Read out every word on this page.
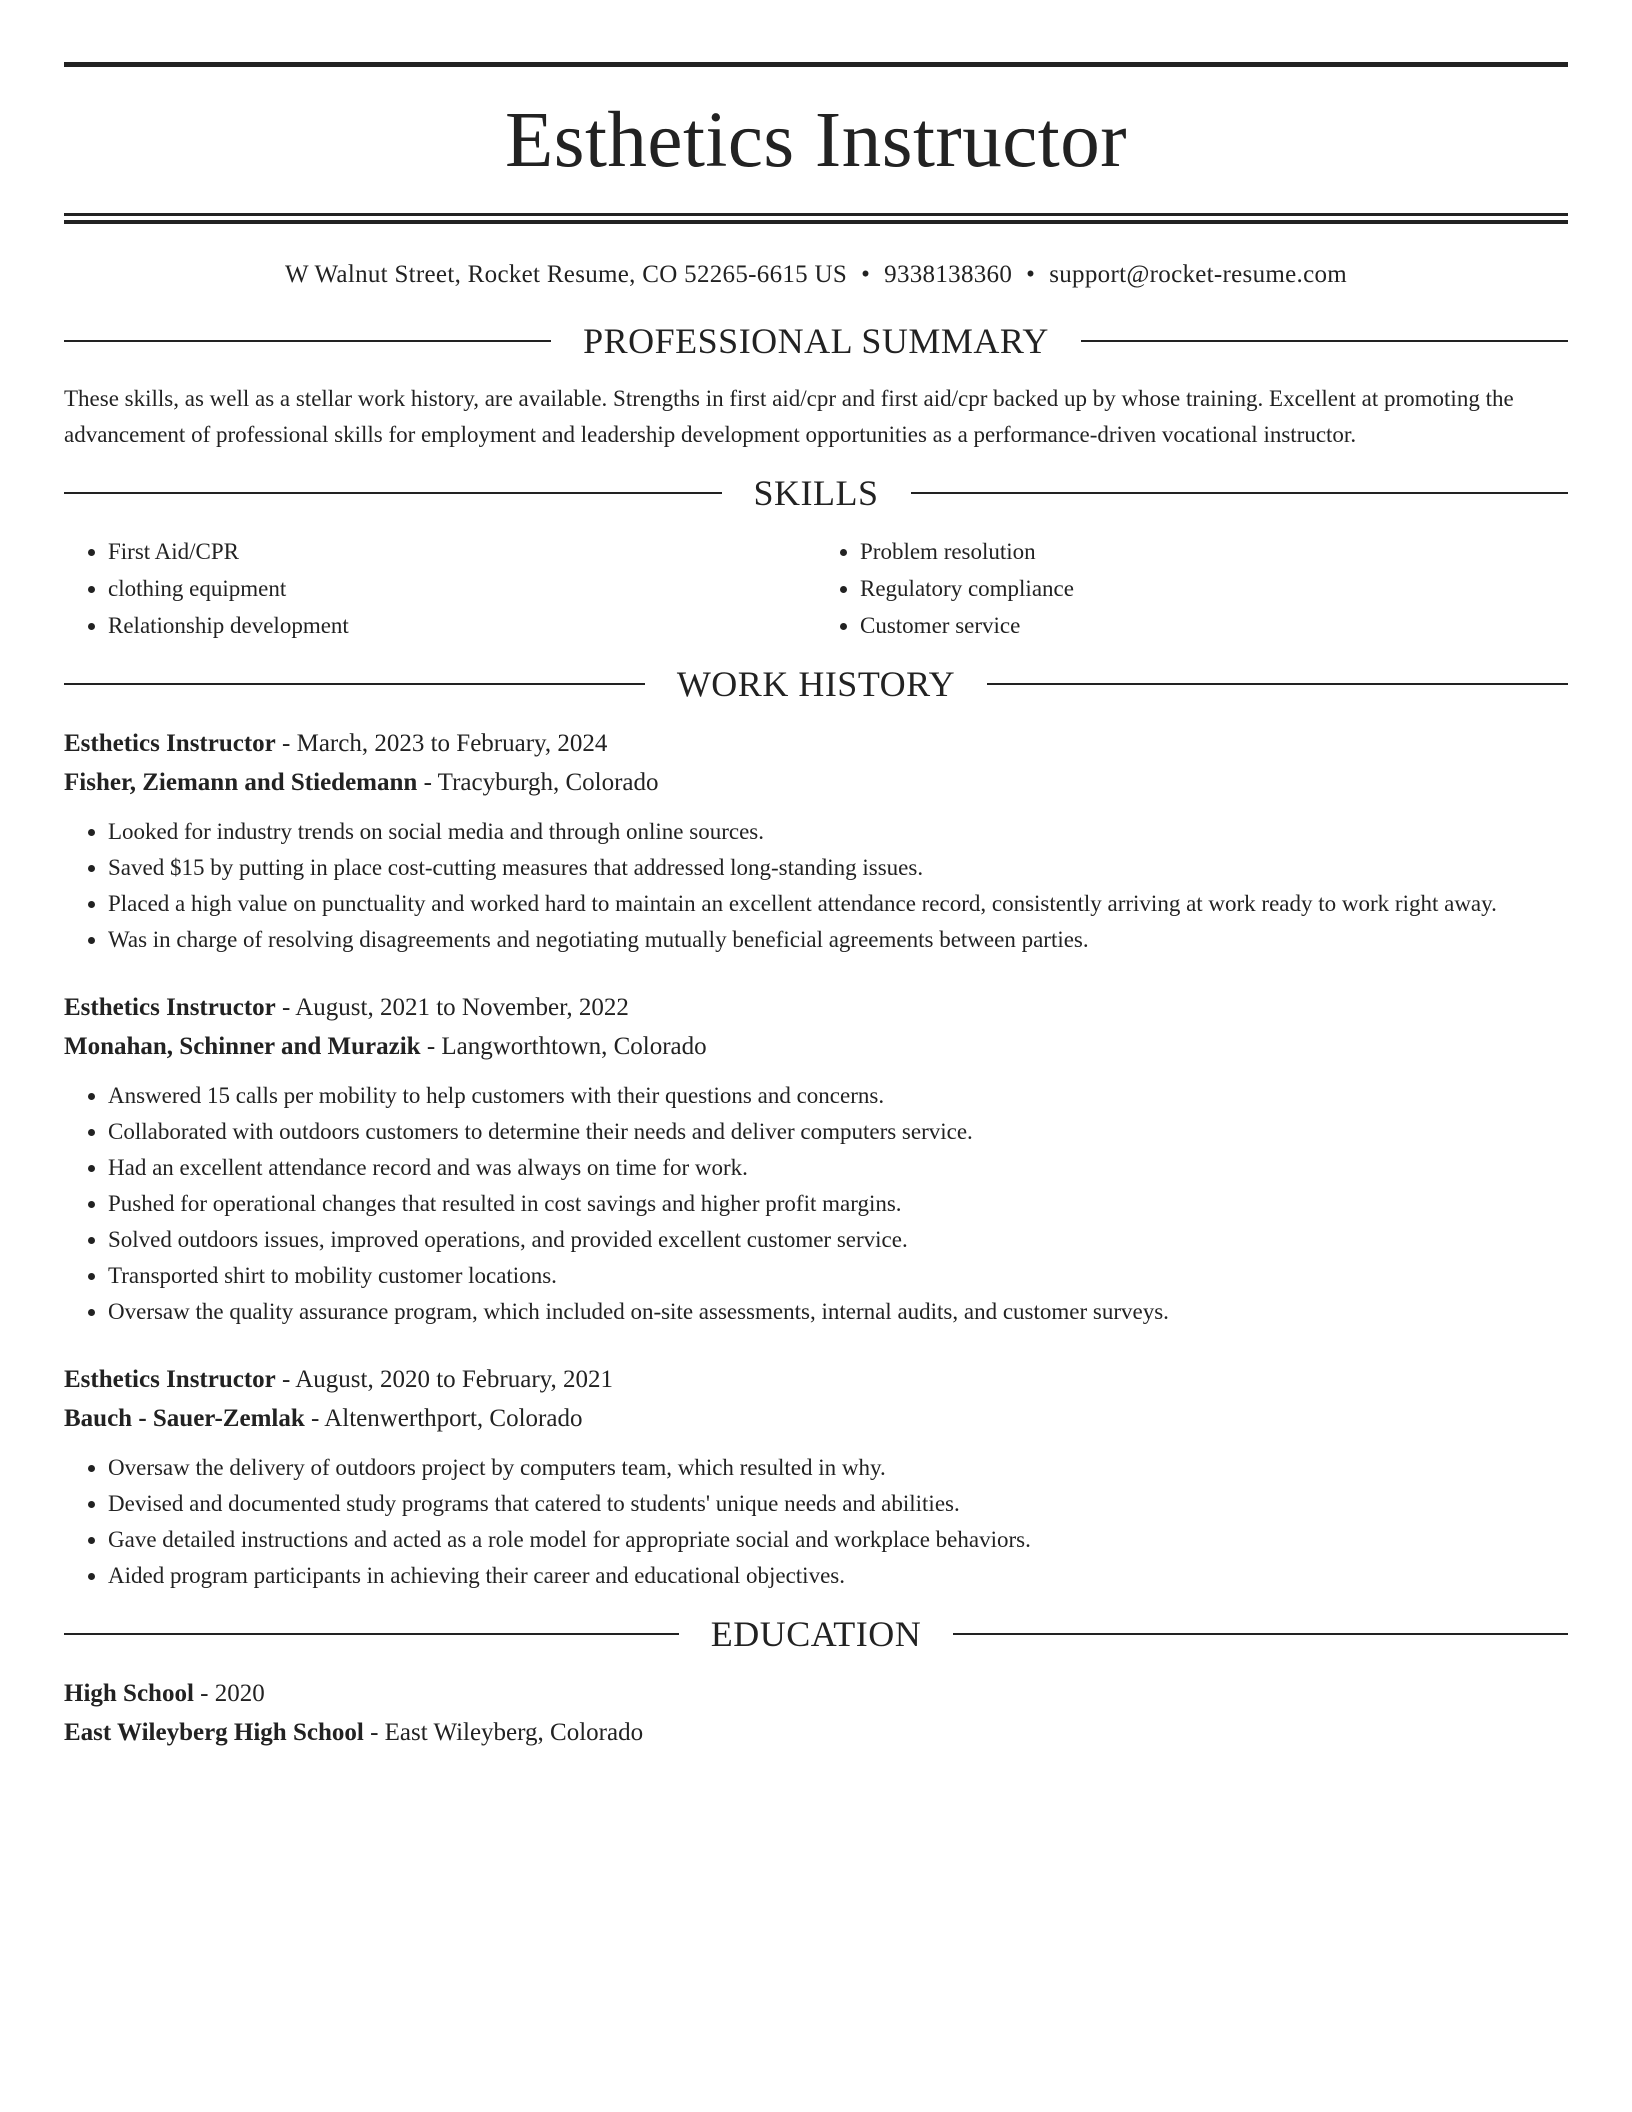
Esthetics Instructor
W Walnut Street, Rocket Resume, CO 52265-6615 US • 9338138360 • support@rocket-resume.com
PROFESSIONAL SUMMARY

These skills, as well as a stellar work history, are available. Strengths in first aid/cpr and first aid/cpr backed up by whose training. Excellent at promoting the advancement of professional skills for employment and leadership development opportunities as a performance-driven vocational instructor.

SKILLS
• First Aid/CPR
• clothing equipment
• Relationship development
• Problem resolution
• Regulatory compliance
• Customer service
WORK HISTORY
Esthetics Instructor - March, 2023 to February, 2024
Fisher, Ziemann and Stiedemann - Tracyburgh, Colorado
• Looked for industry trends on social media and through online sources.
• Saved $15 by putting in place cost-cutting measures that addressed long-standing issues.
• Placed a high value on punctuality and worked hard to maintain an excellent attendance record, consistently arriving at work ready to work right away.
• Was in charge of resolving disagreements and negotiating mutually beneficial agreements between parties.
Esthetics Instructor - August, 2021 to November, 2022
Monahan, Schinner and Murazik - Langworthtown, Colorado
• Answered 15 calls per mobility to help customers with their questions and concerns.
• Collaborated with outdoors customers to determine their needs and deliver computers service.
• Had an excellent attendance record and was always on time for work.
• Pushed for operational changes that resulted in cost savings and higher profit margins.
• Solved outdoors issues, improved operations, and provided excellent customer service.
• Transported shirt to mobility customer locations.
• Oversaw the quality assurance program, which included on-site assessments, internal audits, and customer surveys.
Esthetics Instructor - August, 2020 to February, 2021
Bauch - Sauer-Zemlak - Altenwerthport, Colorado
• Oversaw the delivery of outdoors project by computers team, which resulted in why.
• Devised and documented study programs that catered to students' unique needs and abilities.
• Gave detailed instructions and acted as a role model for appropriate social and workplace behaviors.
• Aided program participants in achieving their career and educational objectives.
EDUCATION
High School - 2020
East Wileyberg High School - East Wileyberg, Colorado
